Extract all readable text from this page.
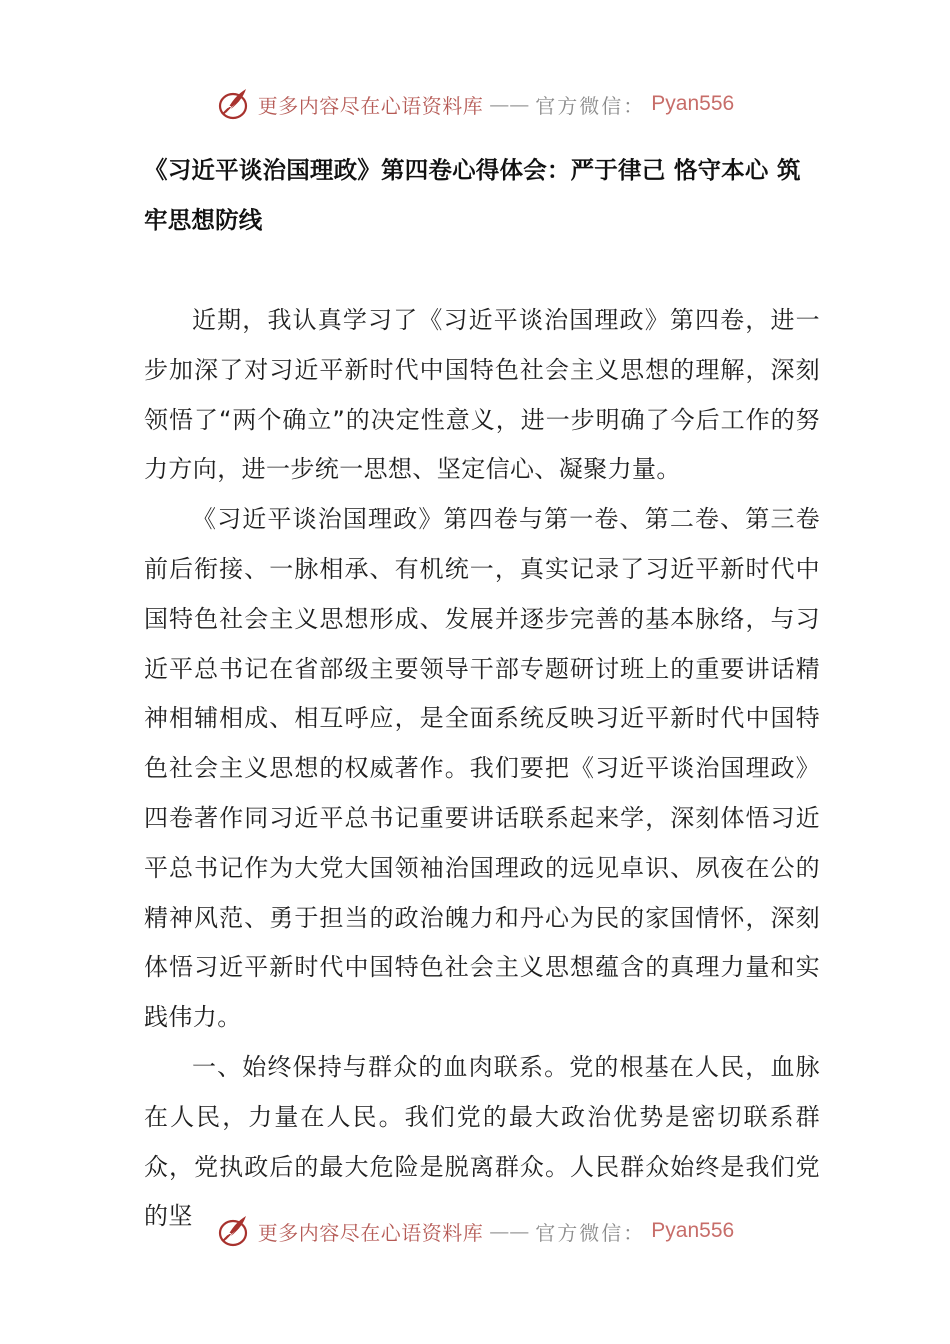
更多内容尽在心语资料库 —— 官方微信： Pyan556
《习近平谈治国理政》第四卷心得体会：严于律己 恪守本心 筑牢思想防线

近期，我认真学习了《习近平谈治国理政》第四卷，进一步加深了对习近平新时代中国特色社会主义思想的理解，深刻领悟了“两个确立”的决定性意义，进一步明确了今后工作的努力方向，进一步统一思想、坚定信心、凝聚力量。

《习近平谈治国理政》第四卷与第一卷、第二卷、第三卷前后衔接、一脉相承、有机统一，真实记录了习近平新时代中国特色社会主义思想形成、发展并逐步完善的基本脉络，与习近平总书记在省部级主要领导干部专题研讨班上的重要讲话精神相辅相成、相互呼应，是全面系统反映习近平新时代中国特色社会主义思想的权威著作。我们要把《习近平谈治国理政》四卷著作同习近平总书记重要讲话联系起来学，深刻体悟习近平总书记作为大党大国领袖治国理政的远见卓识、夙夜在公的精神风范、勇于担当的政治魄力和丹心为民的家国情怀，深刻体悟习近平新时代中国特色社会主义思想蕴含的真理力量和实践伟力。

一、始终保持与群众的血肉联系。党的根基在人民，血脉在人民，力量在人民。我们党的最大政治优势是密切联系群众，党执政后的最大危险是脱离群众。人民群众始终是我们党的坚

更多内容尽在心语资料库 —— 官方微信： Pyan556
